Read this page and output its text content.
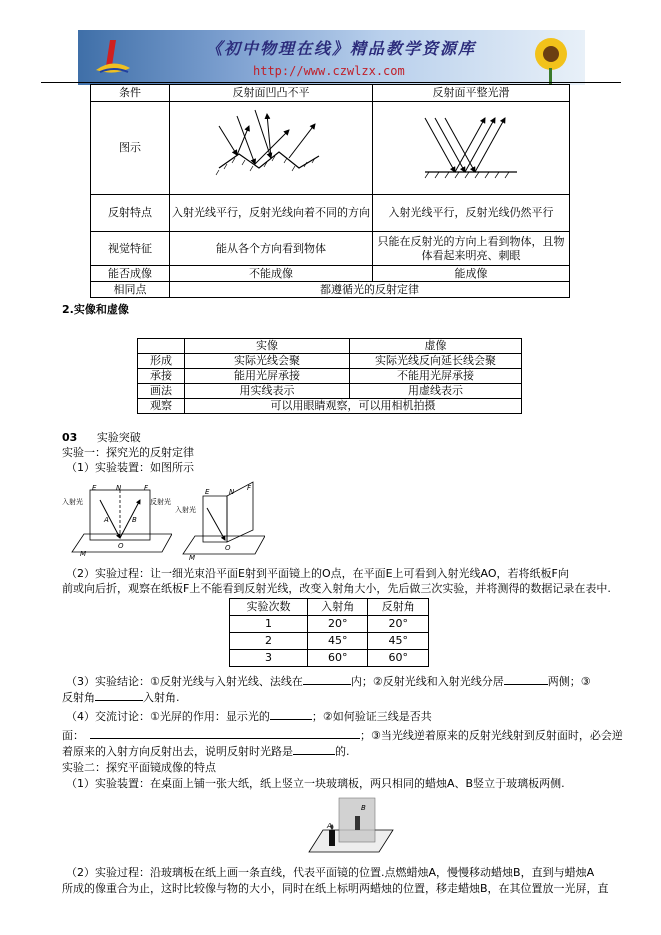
《初中物理在线》精品教学资源库
http://www.czwlzx.com
条件	反射面凹凸不平	反射面平整光滑
图示		
反射特点	入射光线平行，反射光线向着不同的方向	入射光线平行，反射光线仍然平行
视觉特征	能从各个方向看到物体	只能在反射光的方向上看到物体，且物体看起来明亮、刺眼
能否成像	不能成像	能成像
相同点	都遵循光的反射定律	
2.实像和虚像
	实像	虚像
形成	实际光线会聚	实际光线反向延长线会聚
承接	能用光屏承接	不能用光屏承接
画法	用实线表示	用虚线表示
观察	可以用眼睛观察，可以用相机拍摄	
03 实验突破
实验一：探究光的反射定律
（1）实验装置：如图所示
入射光	反射光
E	N	F
A	B
O
M
入射光
E	N F
O
M
（2）实验过程：让一细光束沿平面E射到平面镜上的O点，在平面E上可看到入射光线AO，若将纸板F向
前或向后折，观察在纸板F上不能看到反射光线，改变入射角大小，先后做三次实验，并将测得的数据记录在表中.
实验次数	入射角	反射角
1	20°	20°
2	45°	45°
3	60°	60°
（3）实验结论：①反射光线与入射光线、法线在	内；②反射光线和入射光线分居	两侧；③
反射角	入射角.
（4）交流讨论：①光屏的作用：显示光的	；②如何验证三线是否共
面：	；③当光线逆着原来的反射光线射到反射面时，必会逆
着原来的入射方向反射出去，说明反射时光路是	的.
实验二：探究平面镜成像的特点
（1）实验装置：在桌面上铺一张大纸，纸上竖立一块玻璃板，两只相同的蜡烛A、B竖立于玻璃板两侧.
A
B
（2）实验过程：沿玻璃板在纸上画一条直线，代表平面镜的位置.点燃蜡烛A，慢慢移动蜡烛B，直到与蜡烛A
所成的像重合为止，这时比较像与物的大小，同时在纸上标明两蜡烛的位置，移走蜡烛B，在其位置放一光屏，直
